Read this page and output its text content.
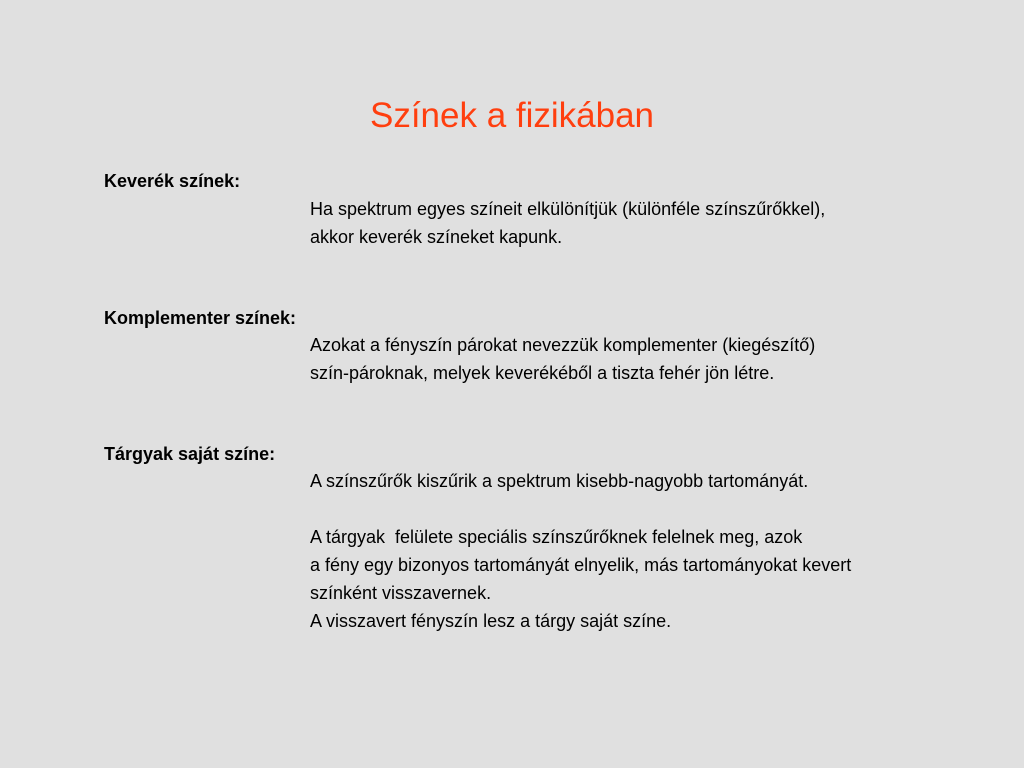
Színek a fizikában

Keverék színek:

Ha spektrum egyes színeit elkülönítjük (különféle színszűrőkkel),
akkor keverék színeket kapunk.

Komplementer színek:

Azokat a fényszín párokat nevezzük komplementer (kiegészítő)
szín-pároknak, melyek keverékéből a tiszta fehér jön létre.

Tárgyak saját színe:

A színszűrők kiszűrik a spektrum kisebb-nagyobb tartományát.
A tárgyak  felülete speciális színszűrőknek felelnek meg, azok
a fény egy bizonyos tartományát elnyelik, más tartományokat kevert
színként visszavernek.
A visszavert fényszín lesz a tárgy saját színe.
